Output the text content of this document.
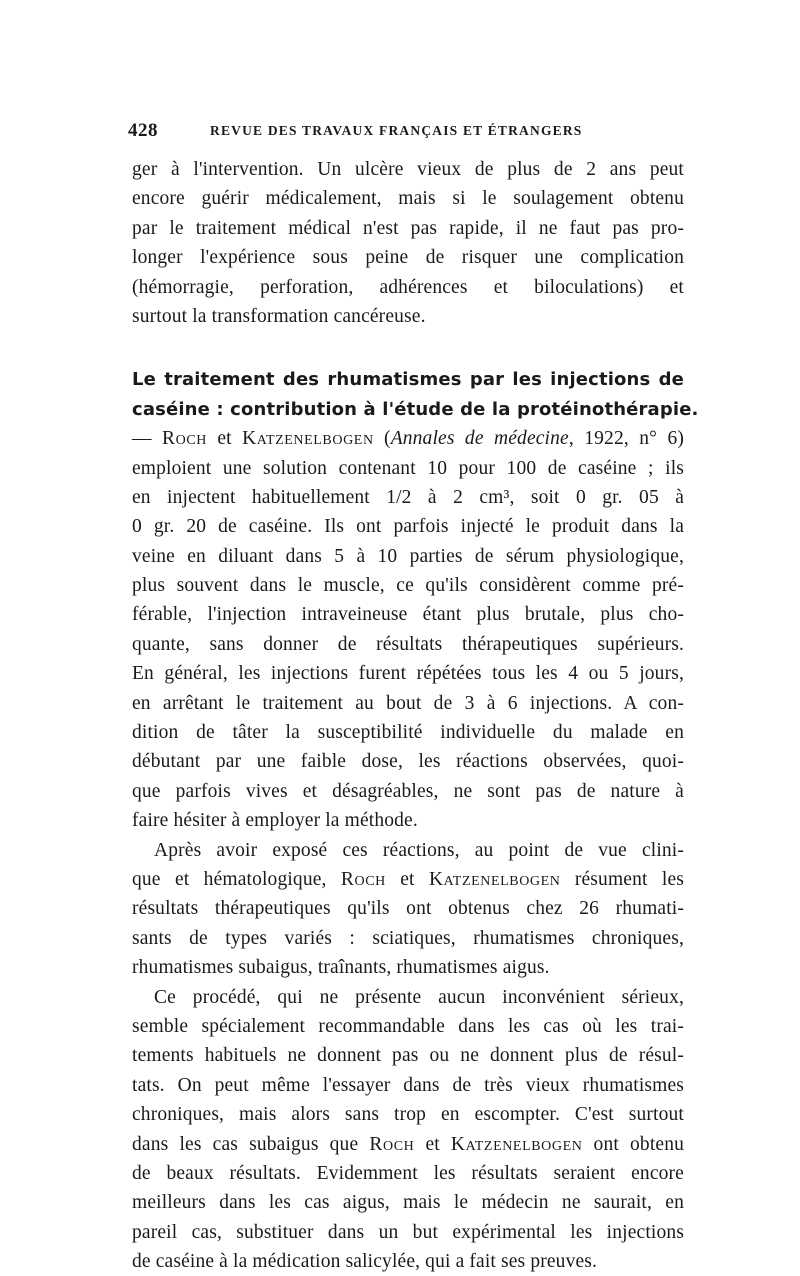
428	REVUE DES TRAVAUX FRANÇAIS ET ÉTRANGERS
ger à l'intervention. Un ulcère vieux de plus de 2 ans peut
encore guérir médicalement, mais si le soulagement obtenu
par le traitement médical n'est pas rapide, il ne faut pas pro-
longer l'expérience sous peine de risquer une complication
(hémorragie, perforation, adhérences et biloculations) et
surtout la transformation cancéreuse.
Le traitement des rhumatismes par les injections de
caséine : contribution à l'étude de la protéinothérapie.
— Roch et Katzenelbogen (Annales de médecine, 1922, n° 6)
emploient une solution contenant 10 pour 100 de caséine ; ils
en injectent habituellement 1/2 à 2 cm³, soit 0 gr. 05 à
0 gr. 20 de caséine. Ils ont parfois injecté le produit dans la
veine en diluant dans 5 à 10 parties de sérum physiologique,
plus souvent dans le muscle, ce qu'ils considèrent comme pré-
férable, l'injection intraveineuse étant plus brutale, plus cho-
quante, sans donner de résultats thérapeutiques supérieurs.
En général, les injections furent répétées tous les 4 ou 5 jours,
en arrêtant le traitement au bout de 3 à 6 injections. A con-
dition de tâter la susceptibilité individuelle du malade en
débutant par une faible dose, les réactions observées, quoi-
que parfois vives et désagréables, ne sont pas de nature à
faire hésiter à employer la méthode.
Après avoir exposé ces réactions, au point de vue clini-
que et hématologique, Roch et Katzenelbogen résument les
résultats thérapeutiques qu'ils ont obtenus chez 26 rhumati-
sants de types variés : sciatiques, rhumatismes chroniques,
rhumatismes subaigus, traînants, rhumatismes aigus.
Ce procédé, qui ne présente aucun inconvénient sérieux,
semble spécialement recommandable dans les cas où les trai-
tements habituels ne donnent pas ou ne donnent plus de résul-
tats. On peut même l'essayer dans de très vieux rhumatismes
chroniques, mais alors sans trop en escompter. C'est surtout
dans les cas subaigus que Roch et Katzenelbogen ont obtenu
de beaux résultats. Evidemment les résultats seraient encore
meilleurs dans les cas aigus, mais le médecin ne saurait, en
pareil cas, substituer dans un but expérimental les injections
de caséine à la médication salicylée, qui a fait ses preuves.
